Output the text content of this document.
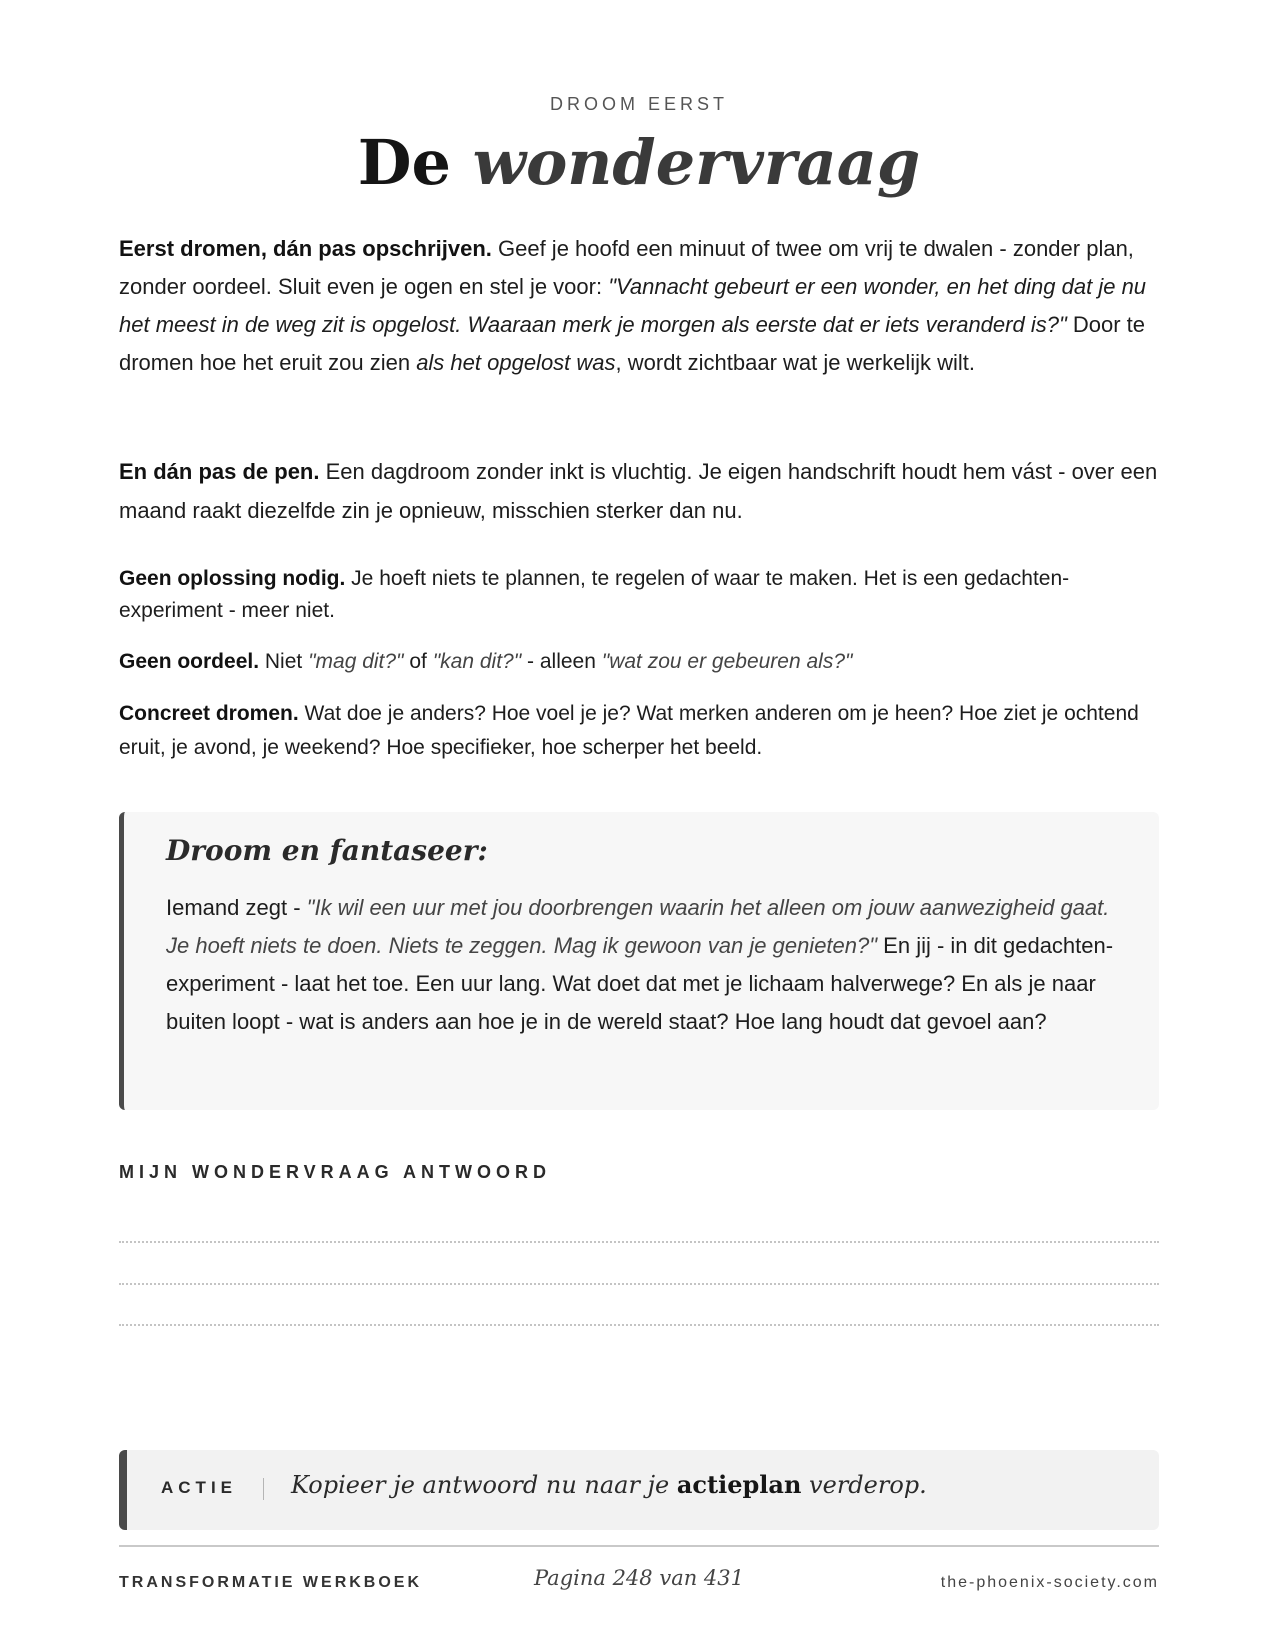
DROOM EERST
De wondervraag

Eerst dromen, dán pas opschrijven. Geef je hoofd een minuut of twee om vrij te dwalen - zonder plan, zonder oordeel. Sluit even je ogen en stel je voor: "Vannacht gebeurt er een wonder, en het ding dat je nu het meest in de weg zit is opgelost. Waaraan merk je morgen als eerste dat er iets veranderd is?" Door te dromen hoe het eruit zou zien als het opgelost was, wordt zichtbaar wat je werkelijk wilt.

En dán pas de pen. Een dagdroom zonder inkt is vluchtig. Je eigen handschrift houdt hem vást - over een maand raakt diezelfde zin je opnieuw, misschien sterker dan nu.

Geen oplossing nodig. Je hoeft niets te plannen, te regelen of waar te maken. Het is een gedachten-experiment - meer niet.

Geen oordeel. Niet "mag dit?" of "kan dit?" - alleen "wat zou er gebeuren als?"

Concreet dromen. Wat doe je anders? Hoe voel je je? Wat merken anderen om je heen? Hoe ziet je ochtend eruit, je avond, je weekend? Hoe specifieker, hoe scherper het beeld.

Droom en fantaseer:

Iemand zegt - "Ik wil een uur met jou doorbrengen waarin het alleen om jouw aanwezigheid gaat. Je hoeft niets te doen. Niets te zeggen. Mag ik gewoon van je genieten?" En jij - in dit gedachten-experiment - laat het toe. Een uur lang. Wat doet dat met je lichaam halverwege? En als je naar buiten loopt - wat is anders aan hoe je in de wereld staat? Hoe lang houdt dat gevoel aan?

MIJN WONDERVRAAG ANTWOORD
ACTIE Kopieer je antwoord nu naar je actieplan verderop.
TRANSFORMATIE WERKBOEK	Pagina 248 van 431	the-phoenix-society.com
